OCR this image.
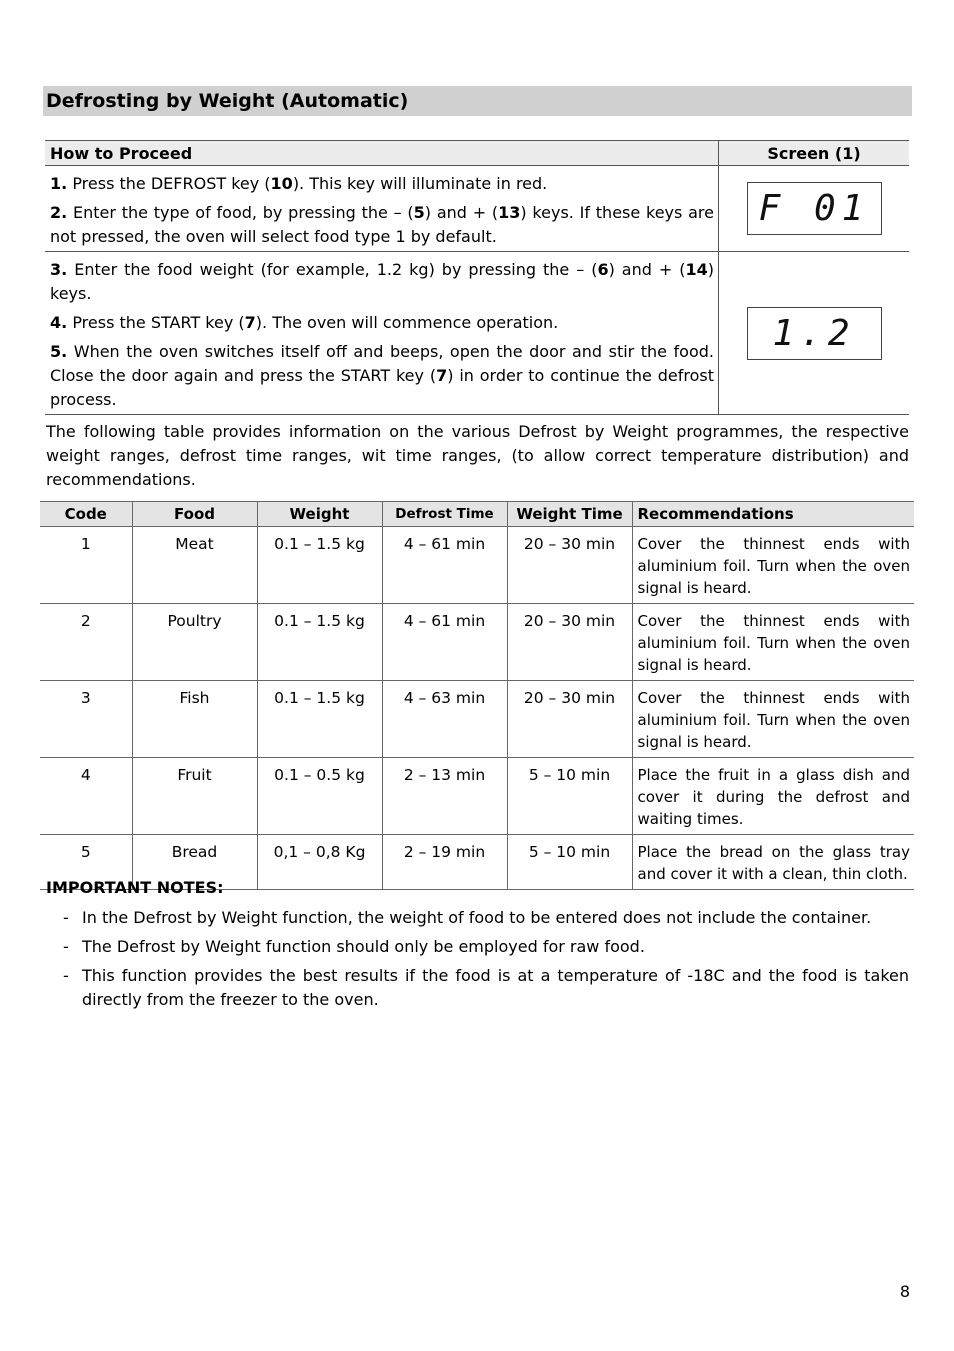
Defrosting by Weight (Automatic)
How to Proceed	Screen (1)

1. Press the DEFROST key (10). This key will illuminate in red.

2. Enter the type of food, by pressing the – (5) and + (13) keys. If these keys are not pressed, the oven will select food type 1 by default.	F 01

3. Enter the food weight (for example, 1.2 kg) by pressing the – (6) and + (14) keys.

4. Press the START key (7). The oven will commence operation.

5. When the oven switches itself off and beeps, open the door and stir the food. Close the door again and press the START key (7) in order to continue the defrost process.	1.2

The following table provides information on the various Defrost by Weight programmes, the respective weight ranges, defrost time ranges, wit time ranges, (to allow correct temperature distribution) and recommendations.

Code	Food	Weight	Defrost Time	Weight Time	Recommendations
1	Meat	0.1 – 1.5 kg	4 – 61 min	20 – 30 min	Cover the thinnest ends with aluminium foil. Turn when the oven signal is heard.
2	Poultry	0.1 – 1.5 kg	4 – 61 min	20 – 30 min	Cover the thinnest ends with aluminium foil. Turn when the oven signal is heard.
3	Fish	0.1 – 1.5 kg	4 – 63 min	20 – 30 min	Cover the thinnest ends with aluminium foil. Turn when the oven signal is heard.
4	Fruit	0.1 – 0.5 kg	2 – 13 min	5 – 10 min	Place the fruit in a glass dish and cover it during the defrost and waiting times.
5	Bread	0,1 – 0,8 Kg	2 – 19 min	5 – 10 min	Place the bread on the glass tray and cover it with a clean, thin cloth.
IMPORTANT NOTES:
- In the Defrost by Weight function, the weight of food to be entered does not include the container.
- The Defrost by Weight function should only be employed for raw food.
- This function provides the best results if the food is at a temperature of -18C and the food is taken directly from the freezer to the oven.
8
